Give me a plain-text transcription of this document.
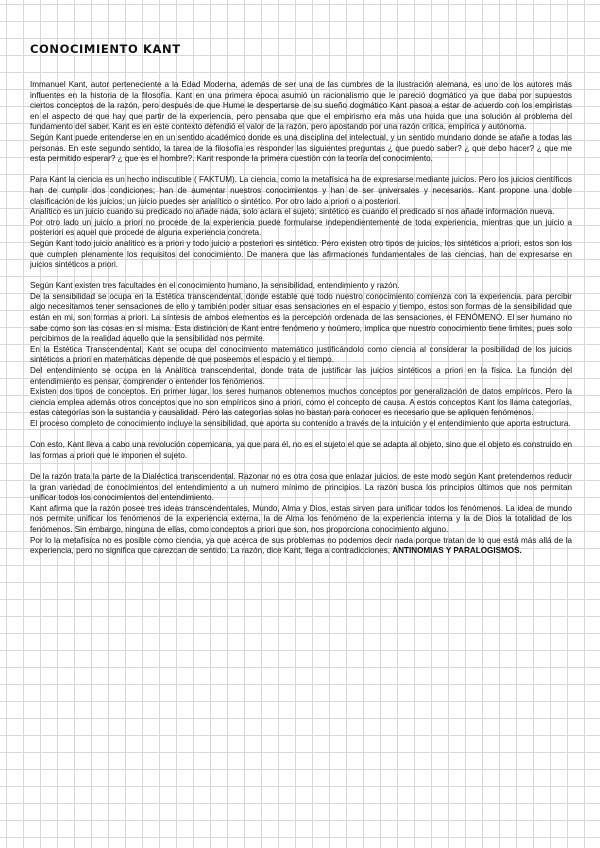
CONOCIMIENTO KANT

Immanuel Kant, autor perteneciente a la Edad Moderna, además de ser una de las cumbres de la ilustración alemana, es uno de los autores más influentes en la historia de la filosofía. Kant en una primera época asumió un racionalismo que le pareció dogmático ya que daba por supuestos ciertos conceptos de la razón, pero después de que Hume le despertarse de su sueño dogmático Kant pasoa a estar de acuerdo con los empiristas en el aspecto de que hay que partir de la experiencia, pero pensaba que que el empirismo era más una huida que una solución al problema del fundamento del saber. Kant es en este contexto defendió el valor de la razón, pero apostando por una razón crítica, empírica y autónoma.

Según Kant puede entenderse en en un sentido académico donde es una disciplina del intelectual, y un sentido mundano donde se atañe a todas las personas. En este segundo sentido, la tarea de la filosofía es responder las siguientes preguntas ¿ que puedo saber? ¿ que debo hacer? ¿ que me esta permitido esperar? ¿ que es el hombre?. Kant responde la primera cuestión con la teoría del conocimiento.

Para Kant la ciencia es un hecho indiscutible ( FAKTUM). La ciencia, como la metafísica ha de expresarse mediante juicios. Pero los juicios científicos han de cumplir dos condiciones; han de aumentar nuestros conocimientos y han de ser universales y necesarios. Kant propone una doble clasificación de los juicios; un juicio puedes ser analítico o sintético. Por otro lado a priori o a posteriori.

Analítico es un juicio cuando su predicado no añade nada, solo aclara el sujeto; sintético es cuando el predicado si nos añade información nueva.

Por otro lado un juicio a priori no procede de la experiencia puede formularse independientemente de toda experiencia, mientras que un juicio a posteriori es aquel que procede de alguna experiencia concreta.

Según Kant todo juicio analítico es a priori y todo juicio a posteriori es sintético. Pero existen otro tipos de juicios, los sintéticos a priori, estos son los que cumplen plenamente los requisitos del conocimiento. De manera que las afirmaciones fundamentales de las ciencias, han de expresarse en juicios sintéticos a priori.

Según Kant existen tres facultades en el conocimiento humano, la sensibilidad, entendimiento y razón.

De la sensibilidad se ocupa en la Estética transcendental, donde estable que todo nuestro conocimiento comienza con la experiencia. para percibir algo necesitamos tener sensaciones de ello y también poder situar esas sensaciones en el espacio y tiempo, estos son formas de la sensibilidad que están en mi, son formas a priori. La síntesis de ambos elementos es la percepción ordenada de las sensaciones, el FENÓMENO. El ser humano no sabe como son las cosas en sí misma. Esta distinción de Kant entre fenómeno y noúmero, implica que nuestro conocimiento tiene limites, pues solo percibimos de la realidad aquello que la sensibilidad nos permite.

En la Estética Transcendental, Kant se ocupa del conocimiento matemático justificándolo como ciencia al considerar la posibilidad de los juicios sintéticos a priori en matemáticas depende de que poseemos el espacio y el tiempo.

Del entendimiento se ocupa en la Analítica transcendental, donde trata de justificar las juicios sintéticos a priori en la física. La función del entendimiento es pensar, comprender o entender los fenómenos.

Existen dos tipos de conceptos. En primer lugar, los seres humanos obtenemos muchos conceptos por generalización de datos empíricos. Pero la ciencia emplea además otros conceptos que no son empíricos sino a priori, como el concepto de causa. A estos conceptos Kant los llama categorías, estas categorías son la sustancia y causalidad. Pero las categorías solas no bastan para conocer es necesario que se apliquen fenómenos.

El proceso completo de conocimiento incluye la sensibilidad, que aporta su contenido a través de la intuición y el entendimiento que aporta estructura.

Con esto, Kant lleva a cabo una revolución copernicana, ya que para él, no es el sujeto el que se adapta al objeto, sino que el objeto es construido en las formas a priori que le imponen el sujeto.

De la razón trata la parte de la Dialéctica transcendental. Razonar no es otra cosa que enlazar juicios. de este modo según Kant pretendemos reducir la gran variedad de conocimientos del entendimiento a un numero mínimo de principios. La razón busca los principios últimos que nos permitan unificar todos los conocimientos del entendimiento.

Kant afirma que la razón posee tres ideas transcendentales, Mundo, Alma y Dios, estas sirven para unificar todos los fenómenos. La idea de mundo nos permite unificar los fenómenos de la experiencia externa, la de Alma los fenómeno de la experiencia interna y la de Dios la totalidad de los fenómenos. Sin embargo, ninguna de ellas, como conceptos a priori que son, nos proporciona conocimiento alguno.

Por lo la metafísica no es posible como ciencia, ya que acerca de sus problemas no podemos decir nada porque tratan de lo que está más allá de la experiencia, pero no significa que carezcan de sentido. La razón, dice Kant, llega a contradicciones, ANTINOMIAS Y PARALOGISMOS.
